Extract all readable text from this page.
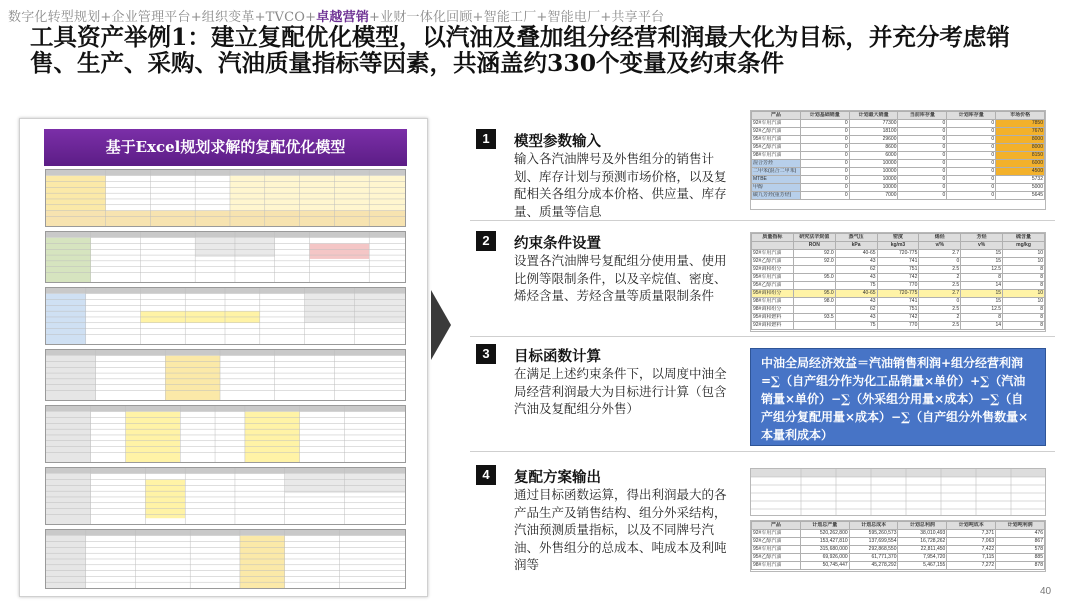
数字化转型规划+企业管理平台+组织变革+TVCO+卓越营销+业财一体化回顾+智能工厂+智能电厂+共享平台
工具资产举例1：建立复配优化模型，以汽油及叠加组分经营利润最大化为目标，并充分考虑销售、生产、采购、汽油质量指标等因素，共涵盖约330个变量及约束条件
基于Excel规划求解的复配优化模型	1	模型参数输入
输入各汽油牌号及外售组分的销售计划、库存计划与预测市场价格，以及复配相关各组分成本价格、供应量、库存量、质量等信息
2	约束条件设置
设置各汽油牌号复配组分使用量、使用比例等限制条件，以及辛烷值、密度、烯烃含量、芳烃含量等质量限制条件
3	目标函数计算
在满足上述约束条件下，以周度中油全局经营利润最大为目标进行计算（包含汽油及复配组分外售）
4	复配方案输出
通过目标函数运算，得出利润最大的各产品生产及销售结构、组分外采结构，汽油预测质量指标，以及不同牌号汽油、外售组分的总成本、吨成本及利吨润等
产品	计划基础销量	计划最大销量	当前库存量	计划库存量	市场价格
92#车用汽油	0	77300	0	0	7850
92#乙醇汽油	0	18100	0	0	7670
95#车用汽油	0	29600	0	0	8000
95#乙醇汽油	0	8600	0	0	8000
98#车用汽油	0	6000	0	0	8150
混合芳烃	0	10000	0	0	6000
二甲苯(混合二甲苯)	0	10000	0	0	4500
MTBE	0	10000	0	0	5732
甲醇	0	10000	0	0	5000
碳九芳烃(重芳烃)	0	7000	0	0	5645
质量指标	研究法辛烷值	蒸气压	密度	烯烃	芳烃	硫含量
	RON	kPa	kg/m3	v/%	v%	mg/kg
92#车用汽油	92.0	40-65	720-775	2.7	15	10
92#乙醇汽油	92.0	43	741	0	15	10
92#调和组分		62	751	2.5	12.5	8
95#车用汽油	95.0	43	742	2	8	8
95#乙醇汽油		75	770	2.5	14	8
95#调和组分	95.0	40-65	720-775	2.7	15	10
98#车用汽油	98.0	43	741	0	15	10
98#调和组分		62	751	2.5	12.5	8
95#调和燃料	93.5	43	742	2	8	8
92#调和燃料		75	770	2.5	14	8
中油全局经济效益＝汽油销售利润+组分经营利润=∑（自产组分作为化工品销量×单价）+∑（汽油销量×单价）−∑（外采组分用量×成本）−∑（自产组分复配用量×成本）−∑（自产组分外售数量×本量利成本）
产品	计划总产量	计划总成本	计划总利润	计划吨成本	计划吨利润
92#车用汽油	520,262,800	595,260,573	38,010,493	7,371	476
92#乙醇汽油	153,427,810	137,699,554	16,728,262	7,063	867
95#车用汽油	315,680,000	292,868,550	22,811,450	7,422	578
95#乙醇汽油	69,926,000	61,771,370	7,954,720	7,115	885
98#车用汽油	50,745,447	45,278,292	5,467,155	7,272	878
40
